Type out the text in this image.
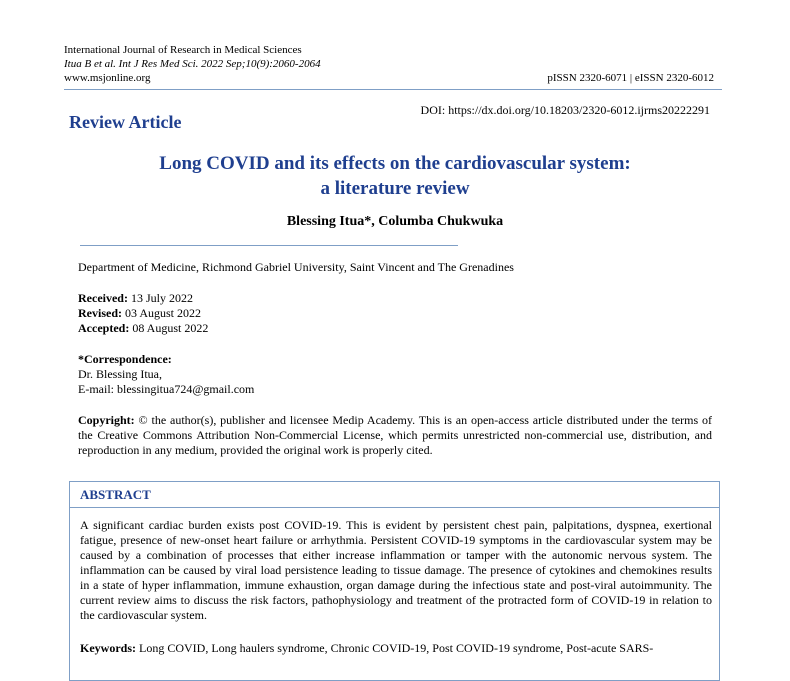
International Journal of Research in Medical Sciences
Itua B et al. Int J Res Med Sci. 2022 Sep;10(9):2060-2064
www.msjonline.org	pISSN 2320-6071 | eISSN 2320-6012
DOI: https://dx.doi.org/10.18203/2320-6012.ijrms20222291
Review Article
Long COVID and its effects on the cardiovascular system:
a literature review
Blessing Itua*, Columba Chukwuka
Department of Medicine, Richmond Gabriel University, Saint Vincent and The Grenadines
Received: 13 July 2022
Revised: 03 August 2022
Accepted: 08 August 2022
*Correspondence:
Dr. Blessing Itua,
E-mail: blessingitua724@gmail.com
Copyright: © the author(s), publisher and licensee Medip Academy. This is an open-access article distributed under the terms of the Creative Commons Attribution Non-Commercial License, which permits unrestricted non-commercial use, distribution, and reproduction in any medium, provided the original work is properly cited.
ABSTRACT
A significant cardiac burden exists post COVID-19. This is evident by persistent chest pain, palpitations, dyspnea, exertional fatigue, presence of new-onset heart failure or arrhythmia. Persistent COVID-19 symptoms in the cardiovascular system may be caused by a combination of processes that either increase inflammation or tamper with the autonomic nervous system. The inflammation can be caused by viral load persistence leading to tissue damage. The presence of cytokines and chemokines results in a state of hyper inflammation, immune exhaustion, organ damage during the infectious state and post-viral autoimmunity. The current review aims to discuss the risk factors, pathophysiology and treatment of the protracted form of COVID-19 in relation to the cardiovascular system.
Keywords: Long COVID, Long haulers syndrome, Chronic COVID-19, Post COVID-19 syndrome, Post-acute SARS-
